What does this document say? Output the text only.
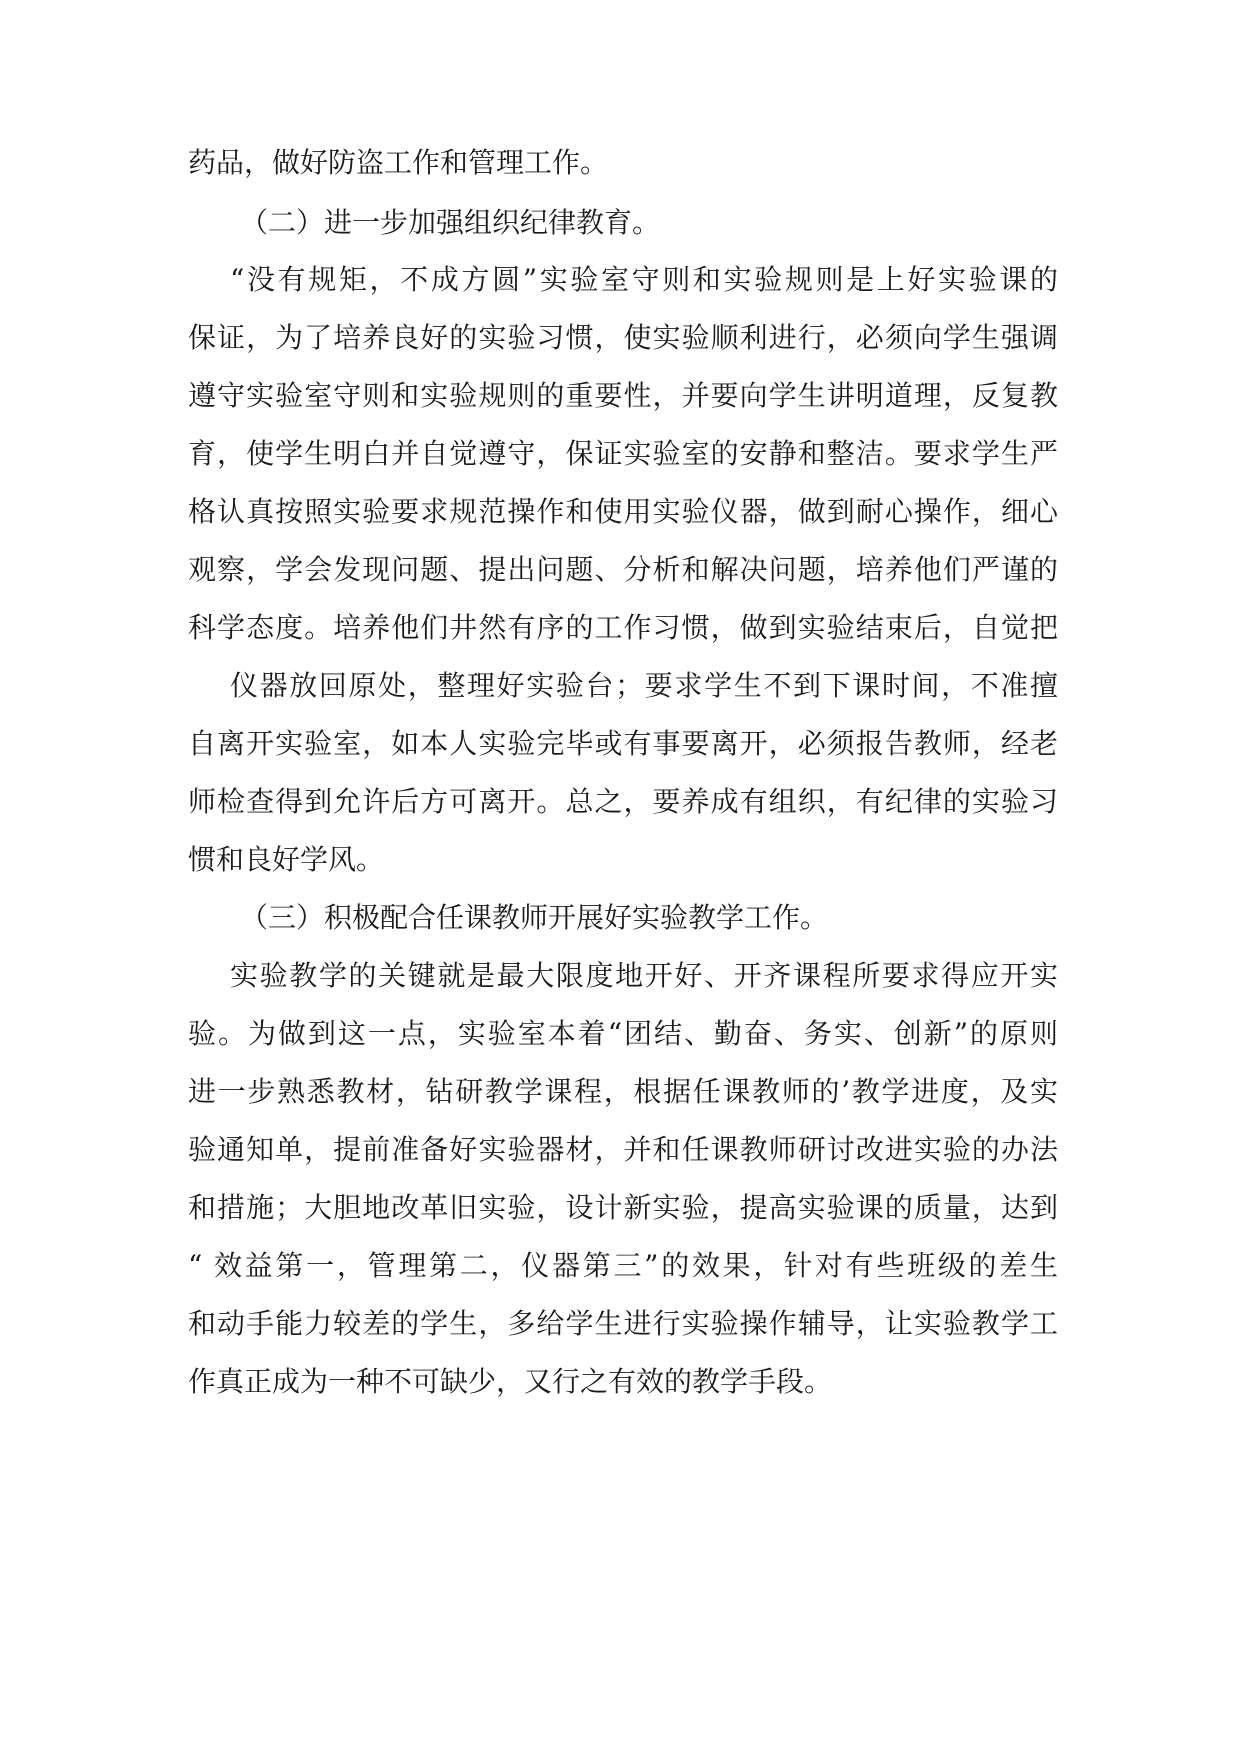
药品，做好防盗工作和管理工作。
（二）进一步加强组织纪律教育。
“没有规矩，不成方圆”实验室守则和实验规则是上好实验课的
保证，为了培养良好的实验习惯，使实验顺利进行，必须向学生强调
遵守实验室守则和实验规则的重要性，并要向学生讲明道理，反复教
育，使学生明白并自觉遵守，保证实验室的安静和整洁。要求学生严
格认真按照实验要求规范操作和使用实验仪器，做到耐心操作，细心
观察，学会发现问题、提出问题、分析和解决问题，培养他们严谨的
科学态度。培养他们井然有序的工作习惯，做到实验结束后，自觉把
仪器放回原处，整理好实验台；要求学生不到下课时间，不准擅
自离开实验室，如本人实验完毕或有事要离开，必须报告教师，经老
师检查得到允许后方可离开。总之，要养成有组织，有纪律的实验习
惯和良好学风。
（三）积极配合任课教师开展好实验教学工作。
实验教学的关键就是最大限度地开好、开齐课程所要求得应开实
验。为做到这一点，实验室本着“团结、勤奋、务实、创新”的原则
进一步熟悉教材，钻研教学课程，根据任课教师的’教学进度，及实
验通知单，提前准备好实验器材，并和任课教师研讨改进实验的办法
和措施；大胆地改革旧实验，设计新实验，提高实验课的质量，达到
“ 效益第一，管理第二，仪器第三”的效果，针对有些班级的差生
和动手能力较差的学生，多给学生进行实验操作辅导，让实验教学工
作真正成为一种不可缺少，又行之有效的教学手段。
